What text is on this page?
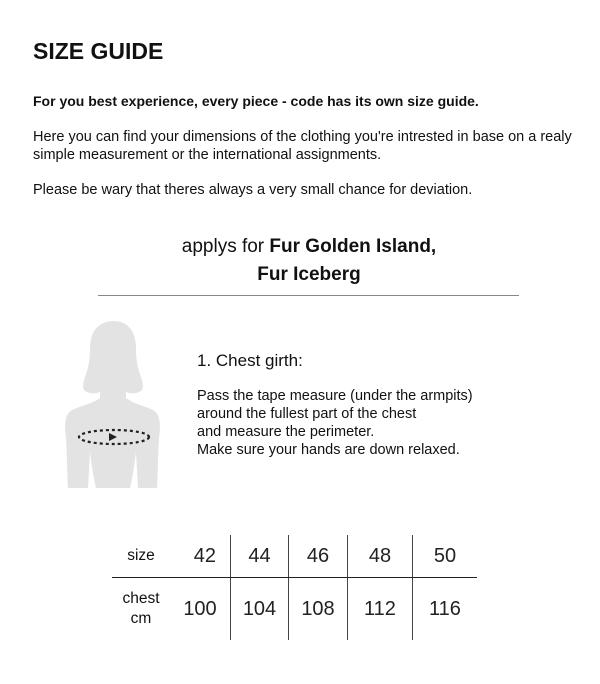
SIZE GUIDE

For you best experience, every piece - code has its own size guide.

Here you can find your dimensions of the clothing you're intrested in base on a realy simple measurement or the international assignments.

Please be wary that theres always a very small chance for deviation.

applys for Fur Golden Island,
Fur Iceberg
1. Chest girth:
Pass the tape measure (under the armpits)
around the fullest part of the chest
and measure the perimeter.
Make sure your hands are down relaxed.
size	42	44	46	48	50

chest
cm	100	104	108	112	116
